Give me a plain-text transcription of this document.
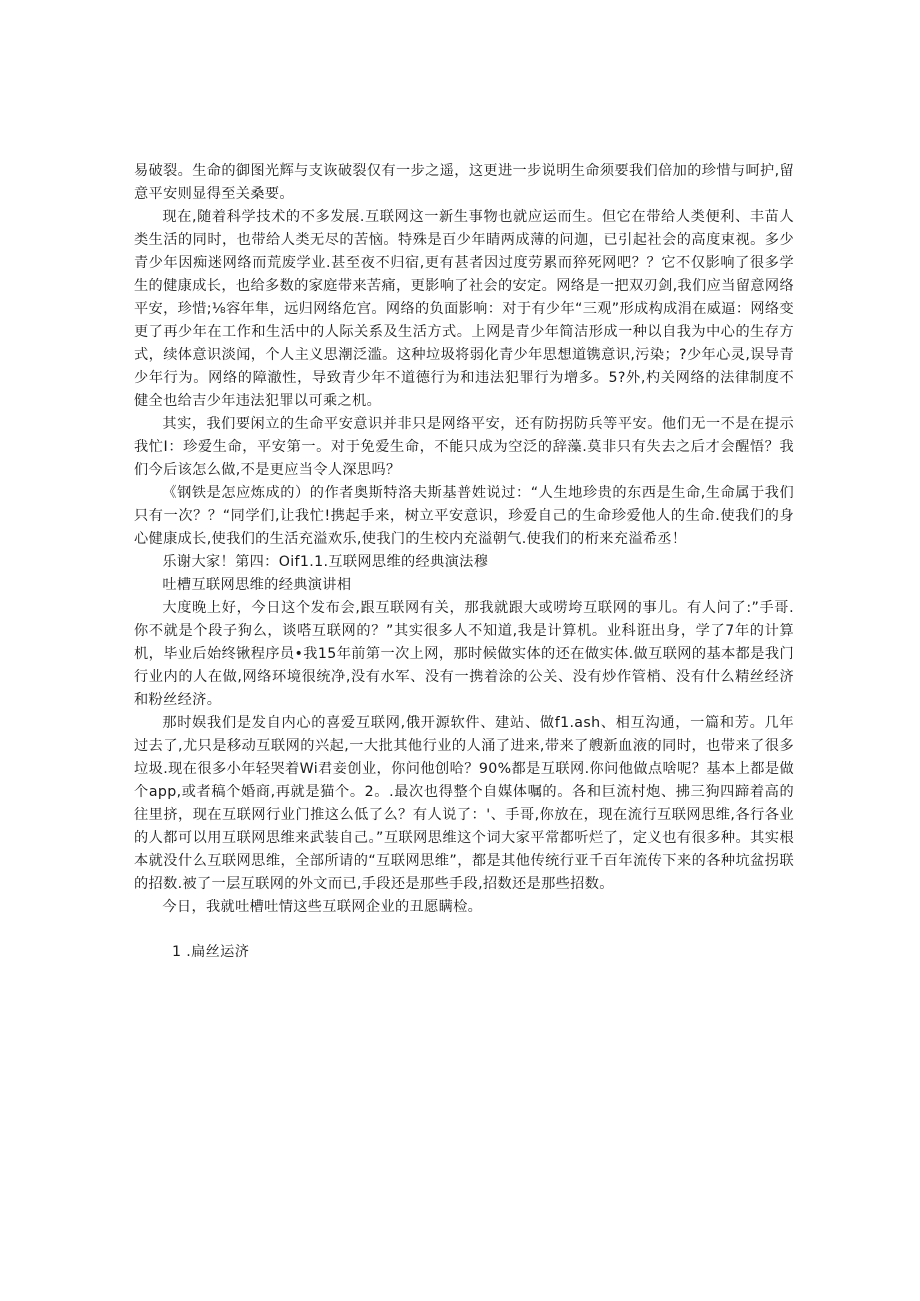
易破裂。生命的御图光辉与支诙破裂仅有一步之遥，这更进一步说明生命须要我们倍加的珍惜与呵护,留意平安则显得至关桑要。

现在,随着科学技术的不多发展.互联网这一新生事物也就应运而生。但它在带给人类便利、丰苗人类生活的同时，也带给人类无尽的苦恼。特殊是百少年睛两成薄的问迦，已引起社会的高度束视。多少青少年因痴迷网络而荒废学业.甚至夜不归宿,更有甚者因过度劳累而猝死网吧？？它不仅影响了很多学生的健康成长，也给多数的家庭带来苦痛，更影响了社会的安定。网络是一把双刃剑,我们应当留意网络平安，珍惜;⅛容年隼，远归网络危宫。网络的负面影响：对于有少年“三观”形成构成涓在威逼：网络变更了再少年在工作和生活中的人际关系及生活方式。上网是青少年简洁形成一种以自我为中心的生存方式，续体意识淡闻，个人主义思潮泛滥。这种垃圾将弱化青少年思想道镌意识,污染；?少年心灵,误导青少年行为。网络的障澈性，导致青少年不道德行为和违法犯罪行为增多。5?外,杓关网络的法律制度不健全也给吉少年违法犯罪以可乘之机。

其实，我们要闲立的生命平安意识并非只是网络平安，还有防拐防兵等平安。他们无一不是在提示我忙I：珍爱生命，平安第一。对于免爱生命，不能只成为空泛的辞藻.莫非只有失去之后才会醒悟？我们今后该怎么做,不是更应当令人深思吗？

《钢铁是怎应炼成的）的作者奥斯特洛夫斯基普姓说过：“人生地珍贵的东西是生命,生命属于我们只有一次？？“同学们,让我忙!携起手来，树立平安意识，珍爱自己的生命珍爱他人的生命.使我们的身心健康成长,使我们的生活充溢欢乐,使我门的生校内充溢朝气.使我们的桁来充溢希丞！

乐谢大家！第四：Oif1.1.互联网思维的经典演法穆

吐槽互联网思维的经典演讲相

大度晚上好，今日这个发布会,跟互联网有关，那我就跟大或唠垮互联网的事儿。有人问了:”手哥.你不就是个段子狗么，谈嗒互联网的？”其实很多人不知道,我是计算机。业科诳出身，学了7年的计算机，毕业后始终锹程序员•我15年前第一次上网，那时候做实体的还在做实体.做互联网的基本都是我门行业内的人在做,网络环境很统净,没有水军、没有一携着涂的公关、没有炒作管梢、没有什么精丝经济和粉丝经济。

那时娱我们是发自内心的喜爱互联网,俄开源软件、建站、做f1.ash、相互沟通，一篇和芳。几年过去了,尤只是移动互联网的兴起,一大批其他行业的人涌了进来,带来了艘新血液的同时，也带来了很多垃圾.现在很多小年轻哭着Wi君妾创业，你问他创哈？90%都是互联网.你问他做点啥呢？基本上都是做个app,或者稿个婚商,再就是猫个。2。.最次也得整个自媒体嘱的。各和巨流村炮、拂三狗四蹄着高的往里挤，现在互联网行业门推这么低了么？有人说了：'、手哥,你放在，现在流行互联网思维,各行各业的人都可以用互联网思维来武装自己。”互联网思维这个词大家平常都听烂了，定义也有很多种。其实根本就没什么互联网思维，全部所请的“互联网思维”，都是其他传统行亚千百年流传下来的各种坑盆拐联的招数.被了一层互联网的外文而已,手段还是那些手段,招数还是那些招数。

今日，我就吐槽吐情这些互联网企业的丑愿瞒检。

1 .扁丝运济
